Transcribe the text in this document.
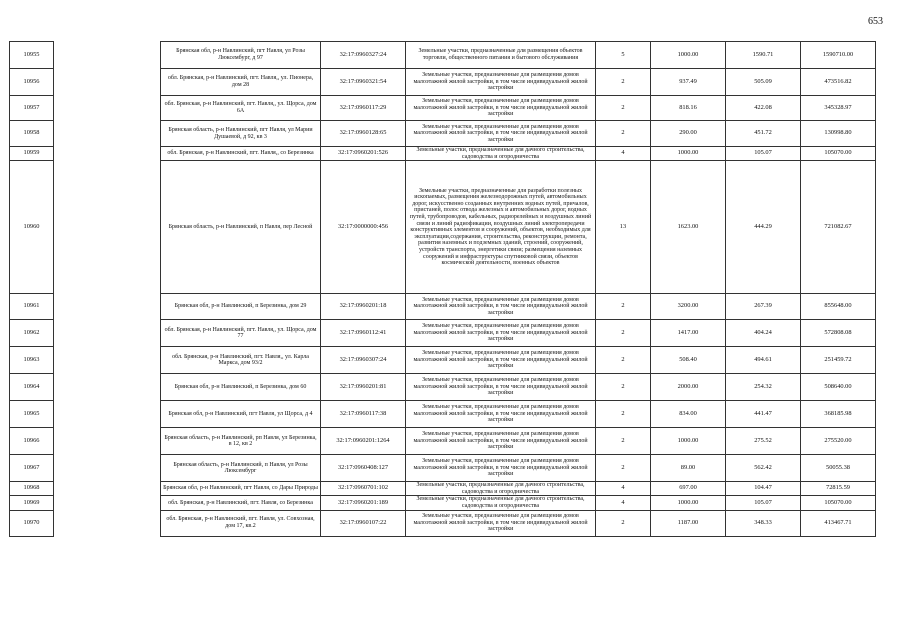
653
10955		Брянская обл, р-н Навлинский, пгт Навля, ул Розы Люксембург, д 97	32:17:0960327:24	Земельные участки, предназначенные для размещения объектов торговли, общественного питания и бытового обслуживания	5	1000.00	1590.71	1590710.00
10956		обл. Брянская, р-н Навлинский, пгт. Навля,, ул. Пионера, дом 28	32:17:0960321:54	Земельные участки, предназначенные для размещения домов малоэтажной жилой застройки, в том числе индивидуальной жилой застройки	2	937.49	505.09	473516.82
10957		обл. Брянская, р-н Навлинский, пгт. Навля,, ул. Щорса, дом 6А	32:17:0960117:29	Земельные участки, предназначенные для размещения домов малоэтажной жилой застройки, в том числе индивидуальной жилой застройки	2	818.16	422.08	345328.97
10958		Брянская область, р-н Навлинский, пгт Навля, ул Марии Душаевой, д 92, кв 3	32:17:0960128:65	Земельные участки, предназначенные для размещения домов малоэтажной жилой застройки, в том числе индивидуальной жилой застройки	2	290.00	451.72	130998.80
10959		обл. Брянская, р-н Навлинский, пгт. Навля,, со Березинка	32:17:0960201:526	Земельные участки, предназначенные для дачного строительства, садоводства и огородничества	4	1000.00	105.07	105070.00
10960		Брянская область, р-н Навлинский, п Навля, пер Лесной	32:17:0000000:456	Земельные участки, предназначенные для разработки полезных ископаемых, размещения железнодорожных путей, автомобильных дорог, искусственно созданных внутренних водных путей, причалов, пристаней, полос отвода железных и автомобильных дорог, водных путей, трубопроводов, кабельных, радиорелейных и воздушных линий связи и линий радиофикации, воздушных линий электропередачи конструктивных элементов и сооружений, объектов, необходимых для эксплуатации,содержания, строительства, реконструкции, ремонта, развития наземных и подземных зданий, строений, сооружений, устройств транспорта, энергетики связи; размещения наземных сооружений и инфраструктуры спутниковой связи, объектов космической деятельности, военных объектов	13	1623.00	444.29	721082.67
10961		Брянская обл, р-н Навлинский, п Березинка, дом 29	32:17:0960201:18	Земельные участки, предназначенные для размещения домов малоэтажной жилой застройки, в том числе индивидуальной жилой застройки	2	3200.00	267.39	855648.00
10962		обл. Брянская, р-н Навлинский, пгт. Навля,, ул. Щорса, дом 77	32:17:0960112:41	Земельные участки, предназначенные для размещения домов малоэтажной жилой застройки, в том числе индивидуальной жилой застройки	2	1417.00	404.24	572808.08
10963		обл. Брянская, р-н Навлинский, пгт. Навля,, ул. Карла Маркса, дом 93/2	32:17:0960307:24	Земельные участки, предназначенные для размещения домов малоэтажной жилой застройки, в том числе индивидуальной жилой застройки	2	508.40	494.61	251459.72
10964		Брянская обл, р-н Навлинский, п Березинка, дом 60	32:17:0960201:81	Земельные участки, предназначенные для размещения домов малоэтажной жилой застройки, в том числе индивидуальной жилой застройки	2	2000.00	254.32	508640.00
10965		Брянская обл, р-н Навлинский, пгт Навля, ул Щорса, д 4	32:17:0960117:38	Земельные участки, предназначенные для размещения домов малоэтажной жилой застройки, в том числе индивидуальной жилой застройки	2	834.00	441.47	368185.98
10966		Брянская область, р-н Навлинский, рп Навля, ул Березинка, в 12, кв 2	32:17:0960201:1264	Земельные участки, предназначенные для размещения домов малоэтажной жилой застройки, в том числе индивидуальной жилой застройки	2	1000.00	275.52	275520.00
10967		Брянская область, р-н Навлинский, п Навля, ул Розы Люксембург	32:17:0960408:127	Земельные участки, предназначенные для размещения домов малоэтажной жилой застройки, в том числе индивидуальной жилой застройки	2	89.00	562.42	50055.38
10968		Брянская обл, р-н Навлинский, пгт Навля, со Дары Природы	32:17:0960701:102	Земельные участки, предназначенные для дачного строительства, садоводства и огородничества	4	697.00	104.47	72815.59
10969		обл. Брянская, р-н Навлинский, пгт. Навля, со Березинка	32:17:0960201:189	Земельные участки, предназначенные для дачного строительства, садоводства и огородничества	4	1000.00	105.07	105070.00
10970		обл. Брянская, р-н Навлинский, пгт. Навля, ул. Совхозная, дом 17, кв.2	32:17:0960107:22	Земельные участки, предназначенные для размещения домов малоэтажной жилой застройки, в том числе индивидуальной жилой застройки	2	1187.00	348.33	413467.71
